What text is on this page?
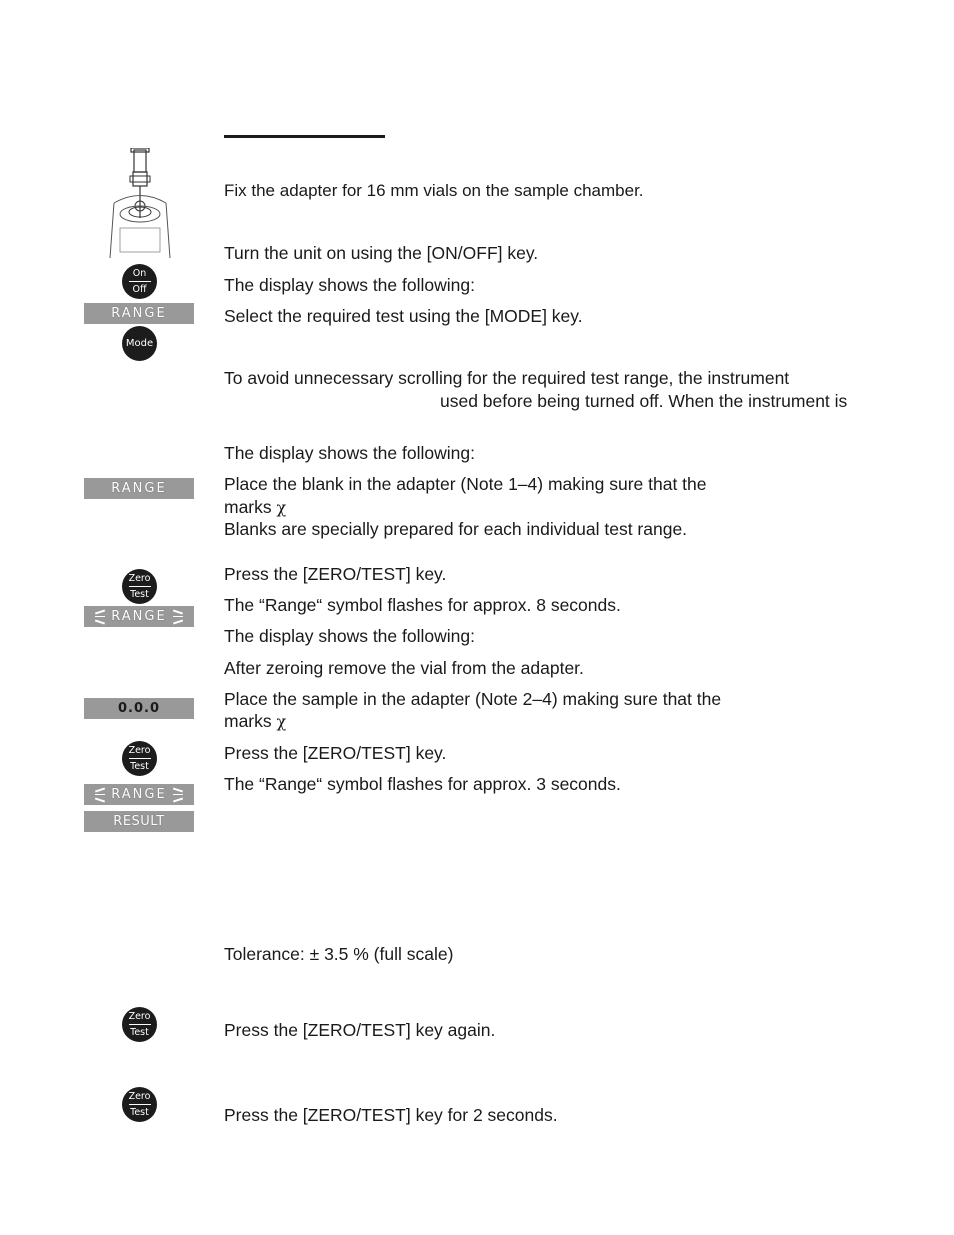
Fix the adapter for 16 mm vials on the sample chamber.
Turn the unit on using the [ON/OFF] key.
The display shows the following:
Select the required test using the [MODE] key.
To avoid unnecessary scrolling for the required test range, the instrument
used before being turned off. When the instrument is
The display shows the following:
Place the blank in the adapter (Note 1–4) making sure that the
marks χ
Blanks are specially prepared for each individual test range.
Press the [ZERO/TEST] key.
The “Range“ symbol flashes for approx. 8 seconds.
The display shows the following:
After zeroing remove the vial from the adapter.
Place the sample in the adapter (Note 2–4) making sure that the
marks χ
Press the [ZERO/TEST] key.
The “Range“ symbol flashes for approx. 3 seconds.
Tolerance: ± 3.5 % (full scale)
Press the [ZERO/TEST] key again.
Press the [ZERO/TEST] key for 2 seconds.
On
Off
RANGE
Mode
RANGE
Zero
Test
RANGE
0.0.0
Zero
Test
RANGE
RESULT
Zero
Test
Zero
Test
